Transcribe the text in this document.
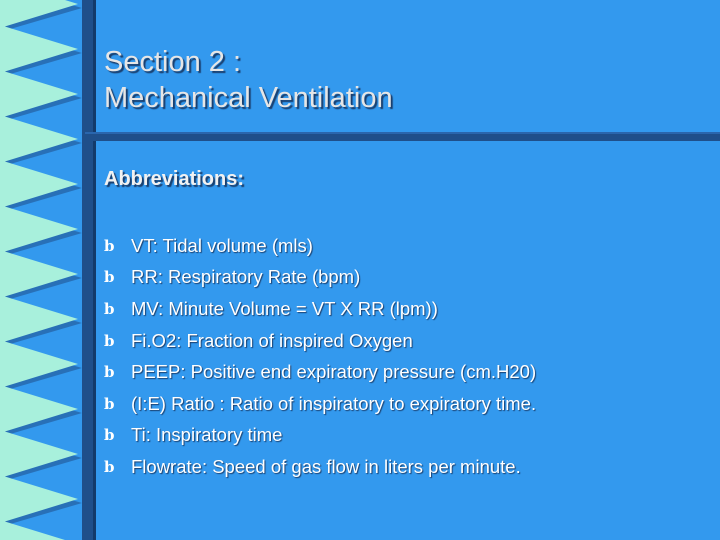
Section 2 :
Mechanical Ventilation
Abbreviations:
b VT: Tidal volume (mls)
b RR: Respiratory Rate (bpm)
b MV: Minute Volume = VT X RR (lpm))
b Fi.O2: Fraction of inspired Oxygen
b PEEP: Positive end expiratory pressure (cm.H20)
b (I:E) Ratio : Ratio of inspiratory to expiratory time.
b Ti: Inspiratory time
b Flowrate: Speed of gas flow in liters per minute.
